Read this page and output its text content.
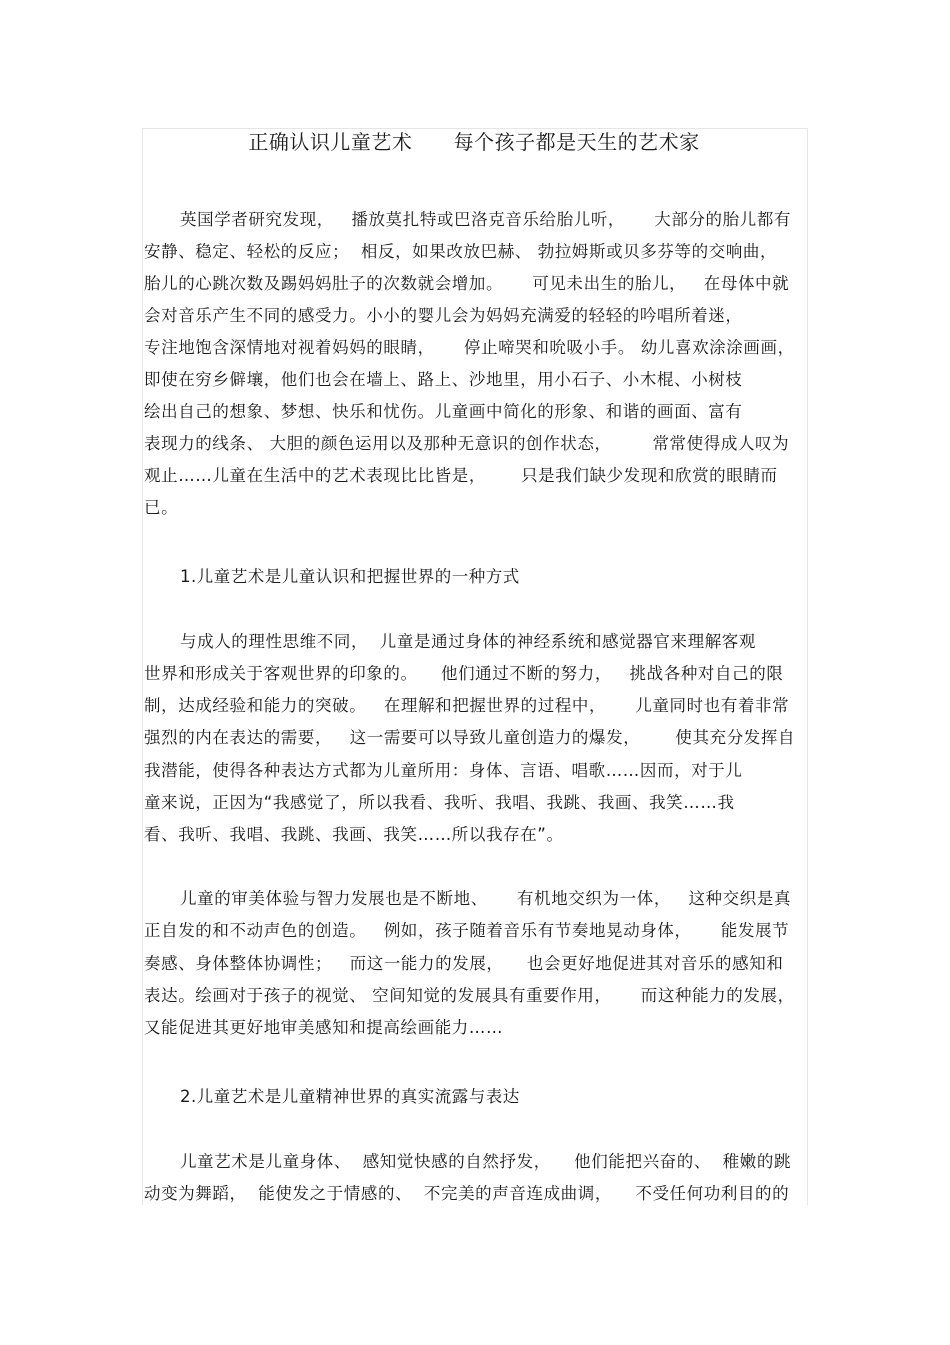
正确认识儿童艺术      每个孩子都是天生的艺术家
英国学者研究发现，   播放莫扎特或巴洛克音乐给胎儿听，     大部分的胎儿都有
安静、稳定、轻松的反应；  相反，如果改放巴赫、 勃拉姆斯或贝多芬等的交响曲，
胎儿的心跳次数及踢妈妈肚子的次数就会增加。     可见未出生的胎儿，   在母体中就
会对音乐产生不同的感受力。小小的婴儿会为妈妈充满爱的轻轻的吟唱所着迷，
专注地饱含深情地对视着妈妈的眼睛，     停止啼哭和吮吸小手。 幼儿喜欢涂涂画画，
即使在穷乡僻壤，他们也会在墙上、路上、沙地里，用小石子、小木棍、小树枝
绘出自己的想象、梦想、快乐和忧伤。儿童画中简化的形象、和谐的画面、富有
表现力的线条、 大胆的颜色运用以及那种无意识的创作状态，       常常使得成人叹为
观止……儿童在生活中的艺术表现比比皆是，      只是我们缺少发现和欣赏的眼睛而
已。
1.儿童艺术是儿童认识和把握世界的一种方式
与成人的理性思维不同，  儿童是通过身体的神经系统和感觉器官来理解客观
世界和形成关于客观世界的印象的。    他们通过不断的努力，   挑战各种对自己的限
制，达成经验和能力的突破。   在理解和把握世界的过程中，     儿童同时也有着非常
强烈的内在表达的需要，   这一需要可以导致儿童创造力的爆发，      使其充分发挥自
我潜能，使得各种表达方式都为儿童所用：身体、言语、唱歌……因而，对于儿
童来说，正因为“我感觉了，所以我看、我听、我唱、我跳、我画、我笑……我
看、我听、我唱、我跳、我画、我笑……所以我存在”。
儿童的审美体验与智力发展也是不断地、     有机地交织为一体，   这种交织是真
正自发的和不动声色的创造。   例如，孩子随着音乐有节奏地晃动身体，     能发展节
奏感、身体整体协调性；   而这一能力的发展，    也会更好地促进其对音乐的感知和
表达。绘画对于孩子的视觉、 空间知觉的发展具有重要作用，     而这种能力的发展，
又能促进其更好地审美感知和提高绘画能力……
2.儿童艺术是儿童精神世界的真实流露与表达
儿童艺术是儿童身体、  感知觉快感的自然抒发，    他们能把兴奋的、  稚嫩的跳
动变为舞蹈，  能使发之于情感的、  不完美的声音连成曲调，    不受任何功利目的的
